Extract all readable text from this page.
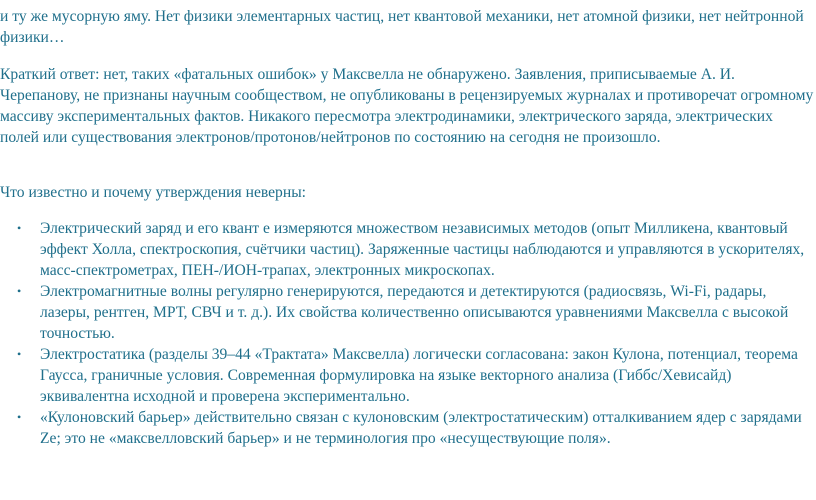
и ту же мусорную яму. Нет физики элементарных частиц, нет квантовой механики, нет атомной физики, нет нейтронной физики…

Краткий ответ: нет, таких «фатальных ошибок» у Максвелла не обнаружено. Заявления, приписываемые А. И. Черепанову, не признаны научным сообществом, не опубликованы в рецензируемых журналах и противоречат огромному массиву экспериментальных фактов. Никакого пересмотра электродинамики, электрического заряда, электрических полей или существования электронов/протонов/нейтронов по состоянию на сегодня не произошло.

Что известно и почему утверждения неверны:

• Электрический заряд и его квант e измеряются множеством независимых методов (опыт Милликена, квантовый эффект Холла, спектроскопия, счётчики частиц). Заряженные частицы наблюдаются и управляются в ускорителях, масс-спектрометрах, ПЕН-/ИОН-трапах, электронных микроскопах.
• Электромагнитные волны регулярно генерируются, передаются и детектируются (радиосвязь, Wi-Fi, радары, лазеры, рентген, МРТ, СВЧ и т. д.). Их свойства количественно описываются уравнениями Максвелла с высокой точностью.
• Электростатика (разделы 39–44 «Трактата» Максвелла) логически согласована: закон Кулона, потенциал, теорема Гаусса, граничные условия. Современная формулировка на языке векторного анализа (Гиббс/Хевисайд) эквивалентна исходной и проверена экспериментально.
• «Кулоновский барьер» действительно связан с кулоновским (электростатическим) отталкиванием ядер с зарядами Ze; это не «максвелловский барьер» и не терминология про «несуществующие поля».
